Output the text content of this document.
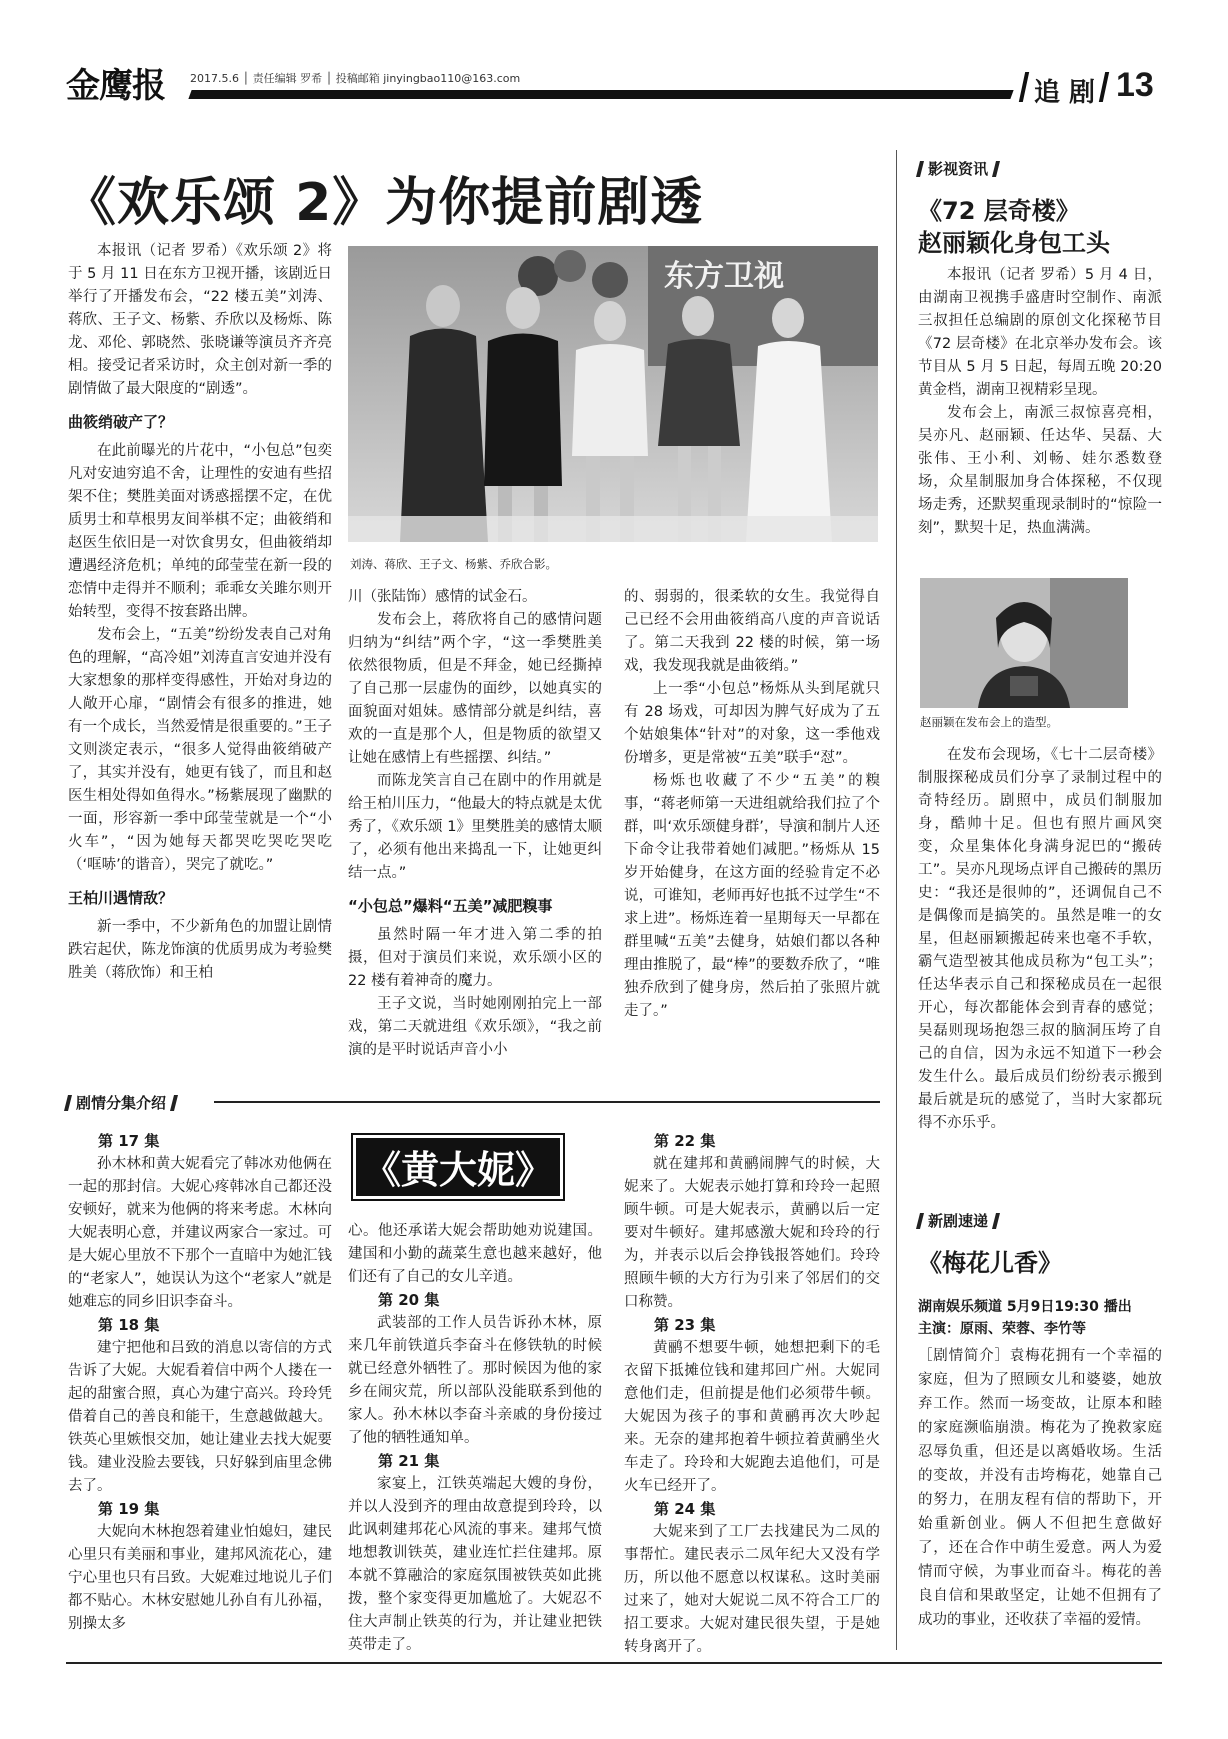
金鹰报 2017.5.6 │ 责任编辑 罗希 │ 投稿邮箱 jinyingbao110@163.com	追 剧 13
《欢乐颂 2》为你提前剧透

本报讯（记者 罗希）《欢乐颂 2》将于 5 月 11 日在东方卫视开播，该剧近日举行了开播发布会，“22 楼五美”刘涛、蒋欣、王子文、杨紫、乔欣以及杨烁、陈龙、邓伦、郭晓然、张晓谦等演员齐齐亮相。接受记者采访时，众主创对新一季的剧情做了最大限度的“剧透”。

曲筱绡破产了？

在此前曝光的片花中，“小包总”包奕凡对安迪穷追不舍，让理性的安迪有些招架不住；樊胜美面对诱惑摇摆不定，在优质男士和草根男友间举棋不定；曲筱绡和赵医生依旧是一对饮食男女，但曲筱绡却遭遇经济危机；单纯的邱莹莹在新一段的恋情中走得并不顺利；乖乖女关雎尔则开始转型，变得不按套路出牌。

发布会上，“五美”纷纷发表自己对角色的理解，“高冷姐”刘涛直言安迪并没有大家想象的那样变得感性，开始对身边的人敞开心扉，“剧情会有很多的推进，她有一个成长，当然爱情是很重要的。”王子文则淡定表示，“很多人觉得曲筱绡破产了，其实并没有，她更有钱了，而且和赵医生相处得如鱼得水。”杨紫展现了幽默的一面，形容新一季中邱莹莹就是一个“小火车”，“因为她每天都哭吃哭吃哭吃（‘哐哧’的谐音），哭完了就吃。”

王柏川遇情敌？

新一季中，不少新角色的加盟让剧情跌宕起伏，陈龙饰演的优质男成为考验樊胜美（蒋欣饰）和王柏

东方卫视
刘涛、蒋欣、王子文、杨紫、乔欣合影。

川（张陆饰）感情的试金石。

发布会上，蒋欣将自己的感情问题归纳为“纠结”两个字，“这一季樊胜美依然很物质，但是不拜金，她已经撕掉了自己那一层虚伪的面纱，以她真实的面貌面对姐妹。感情部分就是纠结，喜欢的一直是那个人，但是物质的欲望又让她在感情上有些摇摆、纠结。”

而陈龙笑言自己在剧中的作用就是给王柏川压力，“他最大的特点就是太优秀了，《欢乐颂 1》里樊胜美的感情太顺了，必须有他出来捣乱一下，让她更纠结一点。”

“小包总”爆料“五美”减肥糗事

虽然时隔一年才进入第二季的拍摄，但对于演员们来说，欢乐颂小区的 22 楼有着神奇的魔力。

王子文说，当时她刚刚拍完上一部戏，第二天就进组《欢乐颂》，“我之前演的是平时说话声音小小

的、弱弱的，很柔软的女生。我觉得自己已经不会用曲筱绡高八度的声音说话了。第二天我到 22 楼的时候，第一场戏，我发现我就是曲筱绡。”

上一季“小包总”杨烁从头到尾就只有 28 场戏，可却因为脾气好成为了五个姑娘集体“针对”的对象，这一季他戏份增多，更是常被“五美”联手“怼”。

杨烁也收藏了不少“五美”的糗事，“蒋老师第一天进组就给我们拉了个群，叫‘欢乐颂健身群’，导演和制片人还下命令让我带着她们减肥。”杨烁从 15 岁开始健身，在这方面的经验肯定不必说，可谁知，老师再好也抵不过学生“不求上进”。杨烁连着一星期每天一早都在群里喊“五美”去健身，姑娘们都以各种理由推脱了，最“棒”的要数乔欣了，“唯独乔欣到了健身房，然后拍了张照片就走了。”

剧情分集介绍
第 17 集

孙木林和黄大妮看完了韩冰劝他俩在一起的那封信。大妮心疼韩冰自己都还没安顿好，就来为他俩的将来考虑。木林向大妮表明心意，并建议两家合一家过。可是大妮心里放不下那个一直暗中为她汇钱的“老家人”，她误认为这个“老家人”就是她难忘的同乡旧识李奋斗。

第 18 集

建宁把他和吕致的消息以寄信的方式告诉了大妮。大妮看着信中两个人搂在一起的甜蜜合照，真心为建宁高兴。玲玲凭借着自己的善良和能干，生意越做越大。铁英心里嫉恨交加，她让建业去找大妮要钱。建业没脸去要钱，只好躲到庙里念佛去了。

第 19 集

大妮向木林抱怨着建业怕媳妇，建民心里只有美丽和事业，建邦风流花心，建宁心里也只有吕致。大妮难过地说儿子们都不贴心。木林安慰她儿孙自有儿孙福，别操太多

《黄大妮》

心。他还承诺大妮会帮助她劝说建国。建国和小勤的蔬菜生意也越来越好，他们还有了自己的女儿辛逍。

第 20 集

武装部的工作人员告诉孙木林，原来几年前铁道兵李奋斗在修铁轨的时候就已经意外牺牲了。那时候因为他的家乡在闹灾荒，所以部队没能联系到他的家人。孙木林以李奋斗亲戚的身份接过了他的牺牲通知单。

第 21 集

家宴上，江铁英端起大嫂的身份，并以人没到齐的理由故意提到玲玲，以此讽刺建邦花心风流的事来。建邦气愤地想教训铁英，建业连忙拦住建邦。原本就不算融洽的家庭氛围被铁英如此挑拨，整个家变得更加尴尬了。大妮忍不住大声制止铁英的行为，并让建业把铁英带走了。

第 22 集

就在建邦和黄鹂闹脾气的时候，大妮来了。大妮表示她打算和玲玲一起照顾牛顿。可是大妮表示，黄鹂以后一定要对牛顿好。建邦感激大妮和玲玲的行为，并表示以后会挣钱报答她们。玲玲照顾牛顿的大方行为引来了邻居们的交口称赞。

第 23 集

黄鹂不想要牛顿，她想把剩下的毛衣留下抵摊位钱和建邦回广州。大妮同意他们走，但前提是他们必须带牛顿。大妮因为孩子的事和黄鹂再次大吵起来。无奈的建邦抱着牛顿拉着黄鹂坐火车走了。玲玲和大妮跑去追他们，可是火车已经开了。

第 24 集

大妮来到了工厂去找建民为二凤的事帮忙。建民表示二凤年纪大又没有学历，所以他不愿意以权谋私。这时美丽过来了，她对大妮说二凤不符合工厂的招工要求。大妮对建民很失望，于是她转身离开了。

影视资讯
《72 层奇楼》
赵丽颖化身包工头

本报讯（记者 罗希）5 月 4 日，由湖南卫视携手盛唐时空制作、南派三叔担任总编剧的原创文化探秘节目《72 层奇楼》在北京举办发布会。该节目从 5 月 5 日起，每周五晚 20:20 黄金档，湖南卫视精彩呈现。

发布会上，南派三叔惊喜亮相，吴亦凡、赵丽颖、任达华、吴磊、大张伟、王小利、刘畅、娃尔悉数登场，众星制服加身合体探秘，不仅现场走秀，还默契重现录制时的“惊险一刻”，默契十足，热血满满。

赵丽颖在发布会上的造型。

在发布会现场，《七十二层奇楼》制服探秘成员们分享了录制过程中的奇特经历。剧照中，成员们制服加身，酷帅十足。但也有照片画风突变，众星集体化身满身泥巴的“搬砖工”。吴亦凡现场点评自己搬砖的黑历史：“我还是很帅的”，还调侃自己不是偶像而是搞笑的。虽然是唯一的女星，但赵丽颖搬起砖来也毫不手软，霸气造型被其他成员称为“包工头”；任达华表示自己和探秘成员在一起很开心，每次都能体会到青春的感觉；吴磊则现场抱怨三叔的脑洞压垮了自己的自信，因为永远不知道下一秒会发生什么。最后成员们纷纷表示搬到最后就是玩的感觉了，当时大家都玩得不亦乐乎。

新剧速递
《梅花儿香》
湖南娱乐频道 5月9日19:30 播出
主演：原雨、荣蓉、李竹等
［剧情简介］袁梅花拥有一个幸福的家庭，但为了照顾女儿和婆婆，她放弃工作。然而一场变故，让原本和睦的家庭濒临崩溃。梅花为了挽救家庭忍辱负重，但还是以离婚收场。生活的变故，并没有击垮梅花，她靠自己的努力，在朋友程有信的帮助下，开始重新创业。俩人不但把生意做好了，还在合作中萌生爱意。两人为爱情而守候，为事业而奋斗。梅花的善良自信和果敢坚定，让她不但拥有了成功的事业，还收获了幸福的爱情。
